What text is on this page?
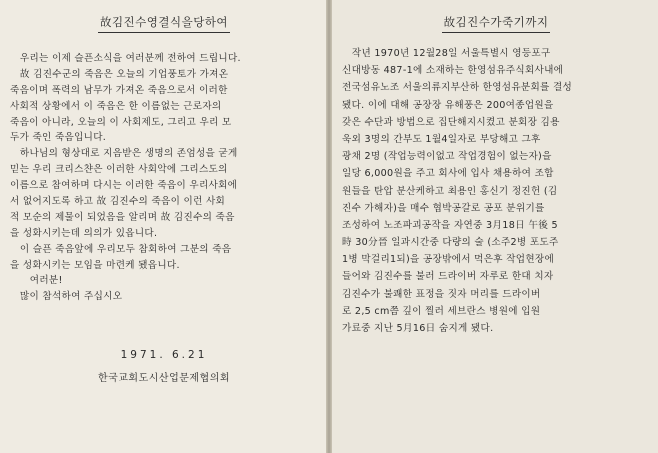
故김진수영결식을당하여
　우리는 이제 슬픈소식을 여러분께 전하여 드립니다.
　故 김진수군의 죽음은 오늘의 기업풍토가 가져온
죽음이며 폭력의 남무가 가져온 죽음으로서 이러한
사회적 상황에서 이 죽음은 한 이름없는 근로자의
죽음이 아니라, 오늘의 이 사회제도, 그리고 우리 모
두가 죽인 죽음입니다.
　하나님의 형상대로 지음받은 생명의 존엄성을 굳게
믿는 우리 크리스챤은 이러한 사회악에 그리스도의
이름으로 참여하며 다시는 이러한 죽음이 우리사회에
서 없어지도록 하고 故 김진수의 죽음이 이런 사회
적 모순의 제물이 되었음을 알리며 故 김진수의 죽음
을 성화시키는데 의의가 있읍니다.
　이 슬픈 죽음앞에 우리모두 참회하여 그분의 죽음
을 성화시키는 모임을 마련케 됐읍니다.
　　여러분!
　많이 참석하여 주십시오
1971. 6.21
한국교회도시산업문제협의회
故김진수가죽기까지
　작년 1970년 12월28일 서울특별시 영등포구
신대방동 487-1에 소재하는 한영섬유주식회사내에
전국섬유노조 서울의류지부산하 한영섬유분회를 결성
됐다. 이에 대해 공장장 유해풍은 200여종업원을
갖은 수단과 방법으로 집단해지시켰고 분회장 김용
욱외 3명의 간부도 1월4일자로 부당해고 그후
광채 2명 (작업능력이없고 작업경험이 없는자)을
일당 6,000원을 주고 회사에 입사 채용하여 조합
원들을 탄압 분산케하고 최용인 홍신기 정진헌 (김
진수 가해자)을 매수 협박공갈로 공포 분위기를
조성하여 노조파괴공작을 자연중 3月18日 午後 5
時 30分晉 일과시간중 다량의 술 (소주2병 포도주
1병 막걸리1되)을 공장밖에서 먹은후 작업현장에
들어와 김진수를 불러 드라이버 자루로 한대 치자
김진수가 불쾌한 표정을 짓자 머리를 드라이버
로 2,5 cm쯤 깊이 찔러 세브란스 병원에 입원
가료중 지난 5月16日 숨지게 됐다.
